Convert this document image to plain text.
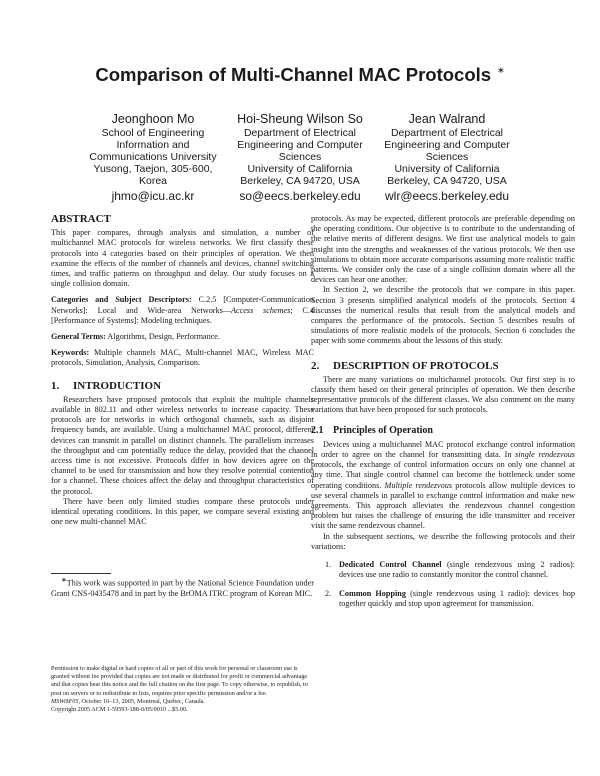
Comparison of Multi-Channel MAC Protocols ∗
Jeonghoon Mo
School of Engineering
Information and
Communications University
Yusong, Taejon, 305-600,
Korea
jhmo@icu.ac.kr
Hoi-Sheung Wilson So
Department of Electrical
Engineering and Computer
Sciences
University of California
Berkeley, CA 94720, USA
so@eecs.berkeley.edu
Jean Walrand
Department of Electrical
Engineering and Computer
Sciences
University of California
Berkeley, CA 94720, USA
wlr@eecs.berkeley.edu
ABSTRACT

This paper compares, through analysis and simulation, a number of multichannel MAC protocols for wireless networks. We first classify these protocols into 4 categories based on their principles of operation. We then examine the effects of the number of channels and devices, channel switching times, and traffic patterns on throughput and delay. Our study focuses on a single collision domain.

Categories and Subject Descriptors: C.2.5 [Computer-Communication Networks]: Local and Wide-area Networks—Access schemes; C.4 [Performance of Systems]: Modeling techniques.

General Terms: Algorithms, Design, Performance.

Keywords: Multiple channels MAC, Multi-channel MAC, Wireless MAC protocols, Simulation, Analysis, Comparison.

1. INTRODUCTION

Researchers have proposed protocols that exploit the multiple channels available in 802.11 and other wireless networks to increase capacity. These protocols are for networks in which orthogonal channels, such as disjoint frequency bands, are available. Using a multichannel MAC protocol, different devices can transmit in parallel on distinct channels. The parallelism increases the throughput and can potentially reduce the delay, provided that the channel access time is not excessive. Protocols differ in how devices agree on the channel to be used for transmission and how they resolve potential contention for a channel. These choices affect the delay and throughput characteristics of the protocol.

There have been only limited studies compare these protocols under identical operating conditions. In this paper, we compare several existing and one new multi-channel MAC

∗This work was supported in part by the National Science Foundation under Grant CNS-0435478 and in part by the BrOMA ITRC program of Korean MIC.

Permission to make digital or hard copies of all or part of this work for personal or classroom use is granted without fee provided that copies are not made or distributed for profit or commercial advantage and that copies bear this notice and the full citation on the first page. To copy otherwise, to republish, to post on servers or to redistribute to lists, requires prior specific permission and/or a fee.

MSWiM'05, October 10–13, 2005, Montreal, Quebec, Canada.

Copyright 2005 ACM 1-59593-188-0/05/0010 ...$5.00.

protocols. As may be expected, different protocols are preferable depending on the operating conditions. Our objective is to contribute to the understanding of the relative merits of different designs. We first use analytical models to gain insight into the strengths and weaknesses of the various protocols. We then use simulations to obtain more accurate comparisons assuming more realistic traffic patterns. We consider only the case of a single collision domain where all the devices can hear one another.

In Section 2, we describe the protocols that we compare in this paper. Section 3 presents simplified analytical models of the protocols. Section 4 discusses the numerical results that result from the analytical models and compares the performance of the protocols. Section 5 describes results of simulations of more realistic models of the protocols. Section 6 concludes the paper with some comments about the lessons of this study.

2. DESCRIPTION OF PROTOCOLS

There are many variations on multichannel protocols. Our first step is to classify them based on their general principles of operation. We then describe representative protocols of the different classes. We also comment on the many variations that have been proposed for such protocols.

2.1 Principles of Operation

Devices using a multichannel MAC protocol exchange control information in order to agree on the channel for transmitting data. In single rendezvous protocols, the exchange of control information occurs on only one channel at any time. That single control channel can become the bottleneck under some operating conditions. Multiple rendezvous protocols allow multiple devices to use several channels in parallel to exchange control information and make new agreements. This approach alleviates the rendezvous channel congestion problem but raises the challenge of ensuring the idle transmitter and receiver visit the same rendezvous channel.

In the subsequent sections, we describe the following protocols and their variations:

1. Dedicated Control Channel (single rendezvous using 2 radios): devices use one radio to constantly monitor the control channel.
2. Common Hopping (single rendezvous using 1 radio): devices hop together quickly and stop upon agreement for transmission.
